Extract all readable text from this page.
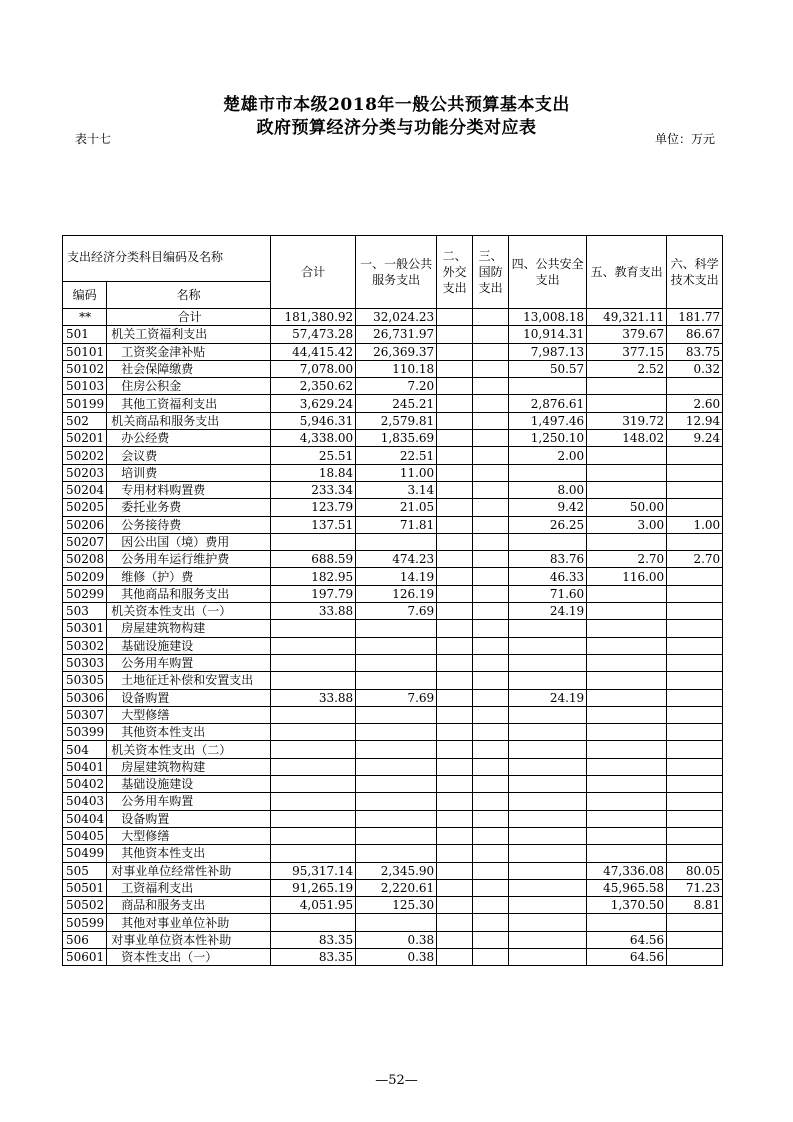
楚雄市市本级2018年一般公共预算基本支出
政府预算经济分类与功能分类对应表
表十七	单位：万元
支出经济分类科目编码及名称		合计	一、一般公共服务支出	二、外交支出	三、国防支出	四、公共安全支出	五、教育支出	六、科学技术支出
编码	名称							
**	合计	181,380.92	32,024.23			13,008.18	49,321.11	181.77
501	机关工资福利支出	57,473.28	26,731.97			10,914.31	379.67	86.67
50101	工资奖金津补贴	44,415.42	26,369.37			7,987.13	377.15	83.75
50102	社会保障缴费	7,078.00	110.18			50.57	2.52	0.32
50103	住房公积金	2,350.62	7.20					
50199	其他工资福利支出	3,629.24	245.21			2,876.61		2.60
502	机关商品和服务支出	5,946.31	2,579.81			1,497.46	319.72	12.94
50201	办公经费	4,338.00	1,835.69			1,250.10	148.02	9.24
50202	会议费	25.51	22.51			2.00		
50203	培训费	18.84	11.00					
50204	专用材料购置费	233.34	3.14			8.00		
50205	委托业务费	123.79	21.05			9.42	50.00	
50206	公务接待费	137.51	71.81			26.25	3.00	1.00
50207	因公出国（境）费用							
50208	公务用车运行维护费	688.59	474.23			83.76	2.70	2.70
50209	维修（护）费	182.95	14.19			46.33	116.00	
50299	其他商品和服务支出	197.79	126.19			71.60		
503	机关资本性支出（一）	33.88	7.69			24.19		
50301	房屋建筑物构建							
50302	基础设施建设							
50303	公务用车购置							
50305	土地征迁补偿和安置支出							
50306	设备购置	33.88	7.69			24.19		
50307	大型修缮							
50399	其他资本性支出							
504	机关资本性支出（二）							
50401	房屋建筑物构建							
50402	基础设施建设							
50403	公务用车购置							
50404	设备购置							
50405	大型修缮							
50499	其他资本性支出							
505	对事业单位经常性补助	95,317.14	2,345.90				47,336.08	80.05
50501	工资福利支出	91,265.19	2,220.61				45,965.58	71.23
50502	商品和服务支出	4,051.95	125.30				1,370.50	8.81
50599	其他对事业单位补助							
506	对事业单位资本性补助	83.35	0.38				64.56	
50601	资本性支出（一）	83.35	0.38				64.56	
—52—
